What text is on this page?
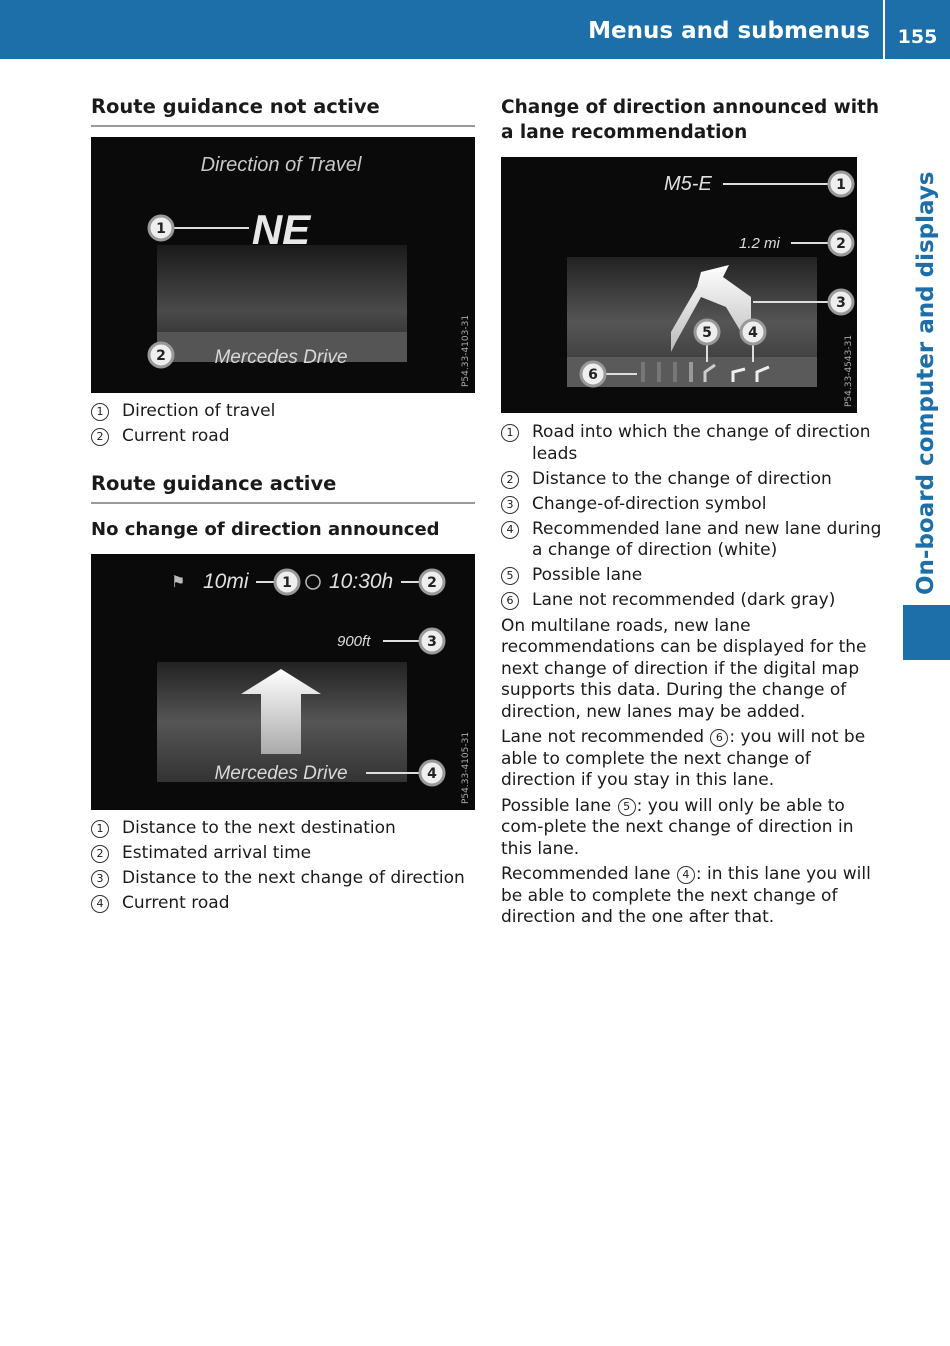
Menus and submenus	155
On-board computer and displays
Route guidance not active
Direction of Travel
NE
1
Mercedes Drive
2	P54.33-4103-31
1	Direction of travel
2	Current road
Route guidance active
No change of direction announced
⚑ 10mi 1 10:30h 2
900ft	3
Mercedes Drive	4	P54.33-4105-31
1	Distance to the next destination
2	Estimated arrival time
3	Distance to the next change of direction
4	Current road
Change of direction announced with a lane recommendation
M5-E	1
1.2 mi	2
3
5	4
6	P54.33-4543-31
1	Road into which the change of direction leads
2	Distance to the change of direction
3	Change-of-direction symbol
4	Recommended lane and new lane during a change of direction (white)
5	Possible lane
6	Lane not recommended (dark gray)

On multilane roads, new lane recommendations can be displayed for the next change of direction if the digital map supports this data. During the change of direction, new lanes may be added.

Lane not recommended 6 : you will not be able to complete the next change of direction if you stay in this lane.

Possible lane 5 : you will only be able to com-plete the next change of direction in this lane.

Recommended lane 4 : in this lane you will be able to complete the next change of direction and the one after that.
